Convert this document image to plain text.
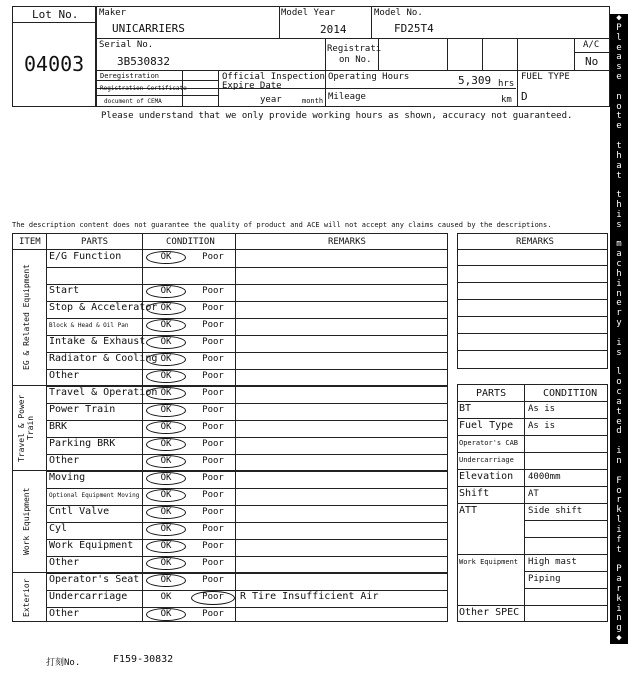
Lot No.
04003
Maker
UNICARRIERS
Model Year
2014
Model No.
FD25T4
Serial No.
3B530832
Registrati
on No.
A/C
No
Deregistration
Registration Certificate
document of CEMA
Official Inspection
Expire Date
year	month
Operating Hours	5,309 hrs
Mileage	km
FUEL TYPE
D
Please understand that we only provide working hours as shown, accuracy not guaranteed.
The description content does not guarantee the quality of product and ACE will not accept any claims caused by the descriptions.
ITEM	PARTS	CONDITION	REMARKS
EG & Related Equipment
Travel & Power
Train
Work Equipment
Exterior
E/G Function	OK	Poor
Start	OK	Poor
Stop & Accelerator OK	Poor
Block & Head & Oil Pan	OK	Poor
Intake & Exhaust	OK	Poor
Radiator & Cooling OK	Poor
Other	OK	Poor
Travel & Operation OK	Poor
Power Train	OK	Poor
BRK	OK	Poor
Parking BRK	OK	Poor
Other	OK	Poor
Moving	OK	Poor
Optional Equipment Moving	OK	Poor
Cntl Valve	OK	Poor
Cyl	OK	Poor
Work Equipment	OK	Poor
Other	OK	Poor
Operator's Seat	OK	Poor
Undercarriage	OK	Poor	R Tire Insufficient Air
Other	OK	Poor
REMARKS
PARTS	CONDITION
BT	As is
Fuel Type As is
Operator's CAB
Undercarriage
Elevation 4000mm
Shift	AT
ATT	Side shift
Work Equipment High mast
Piping
Other SPEC
◆
P
l
e
a
s
e

n
o
t
e

t
h
a
t

t
h
i
s

m
a
c
h
i
n
e
r
y

i
s

l
o
c
a
t
e
d

i
n

F
o
r
k
l
i
f
t

P
a
r
k
i
n
g
◆
打刻No.	F159-30832
